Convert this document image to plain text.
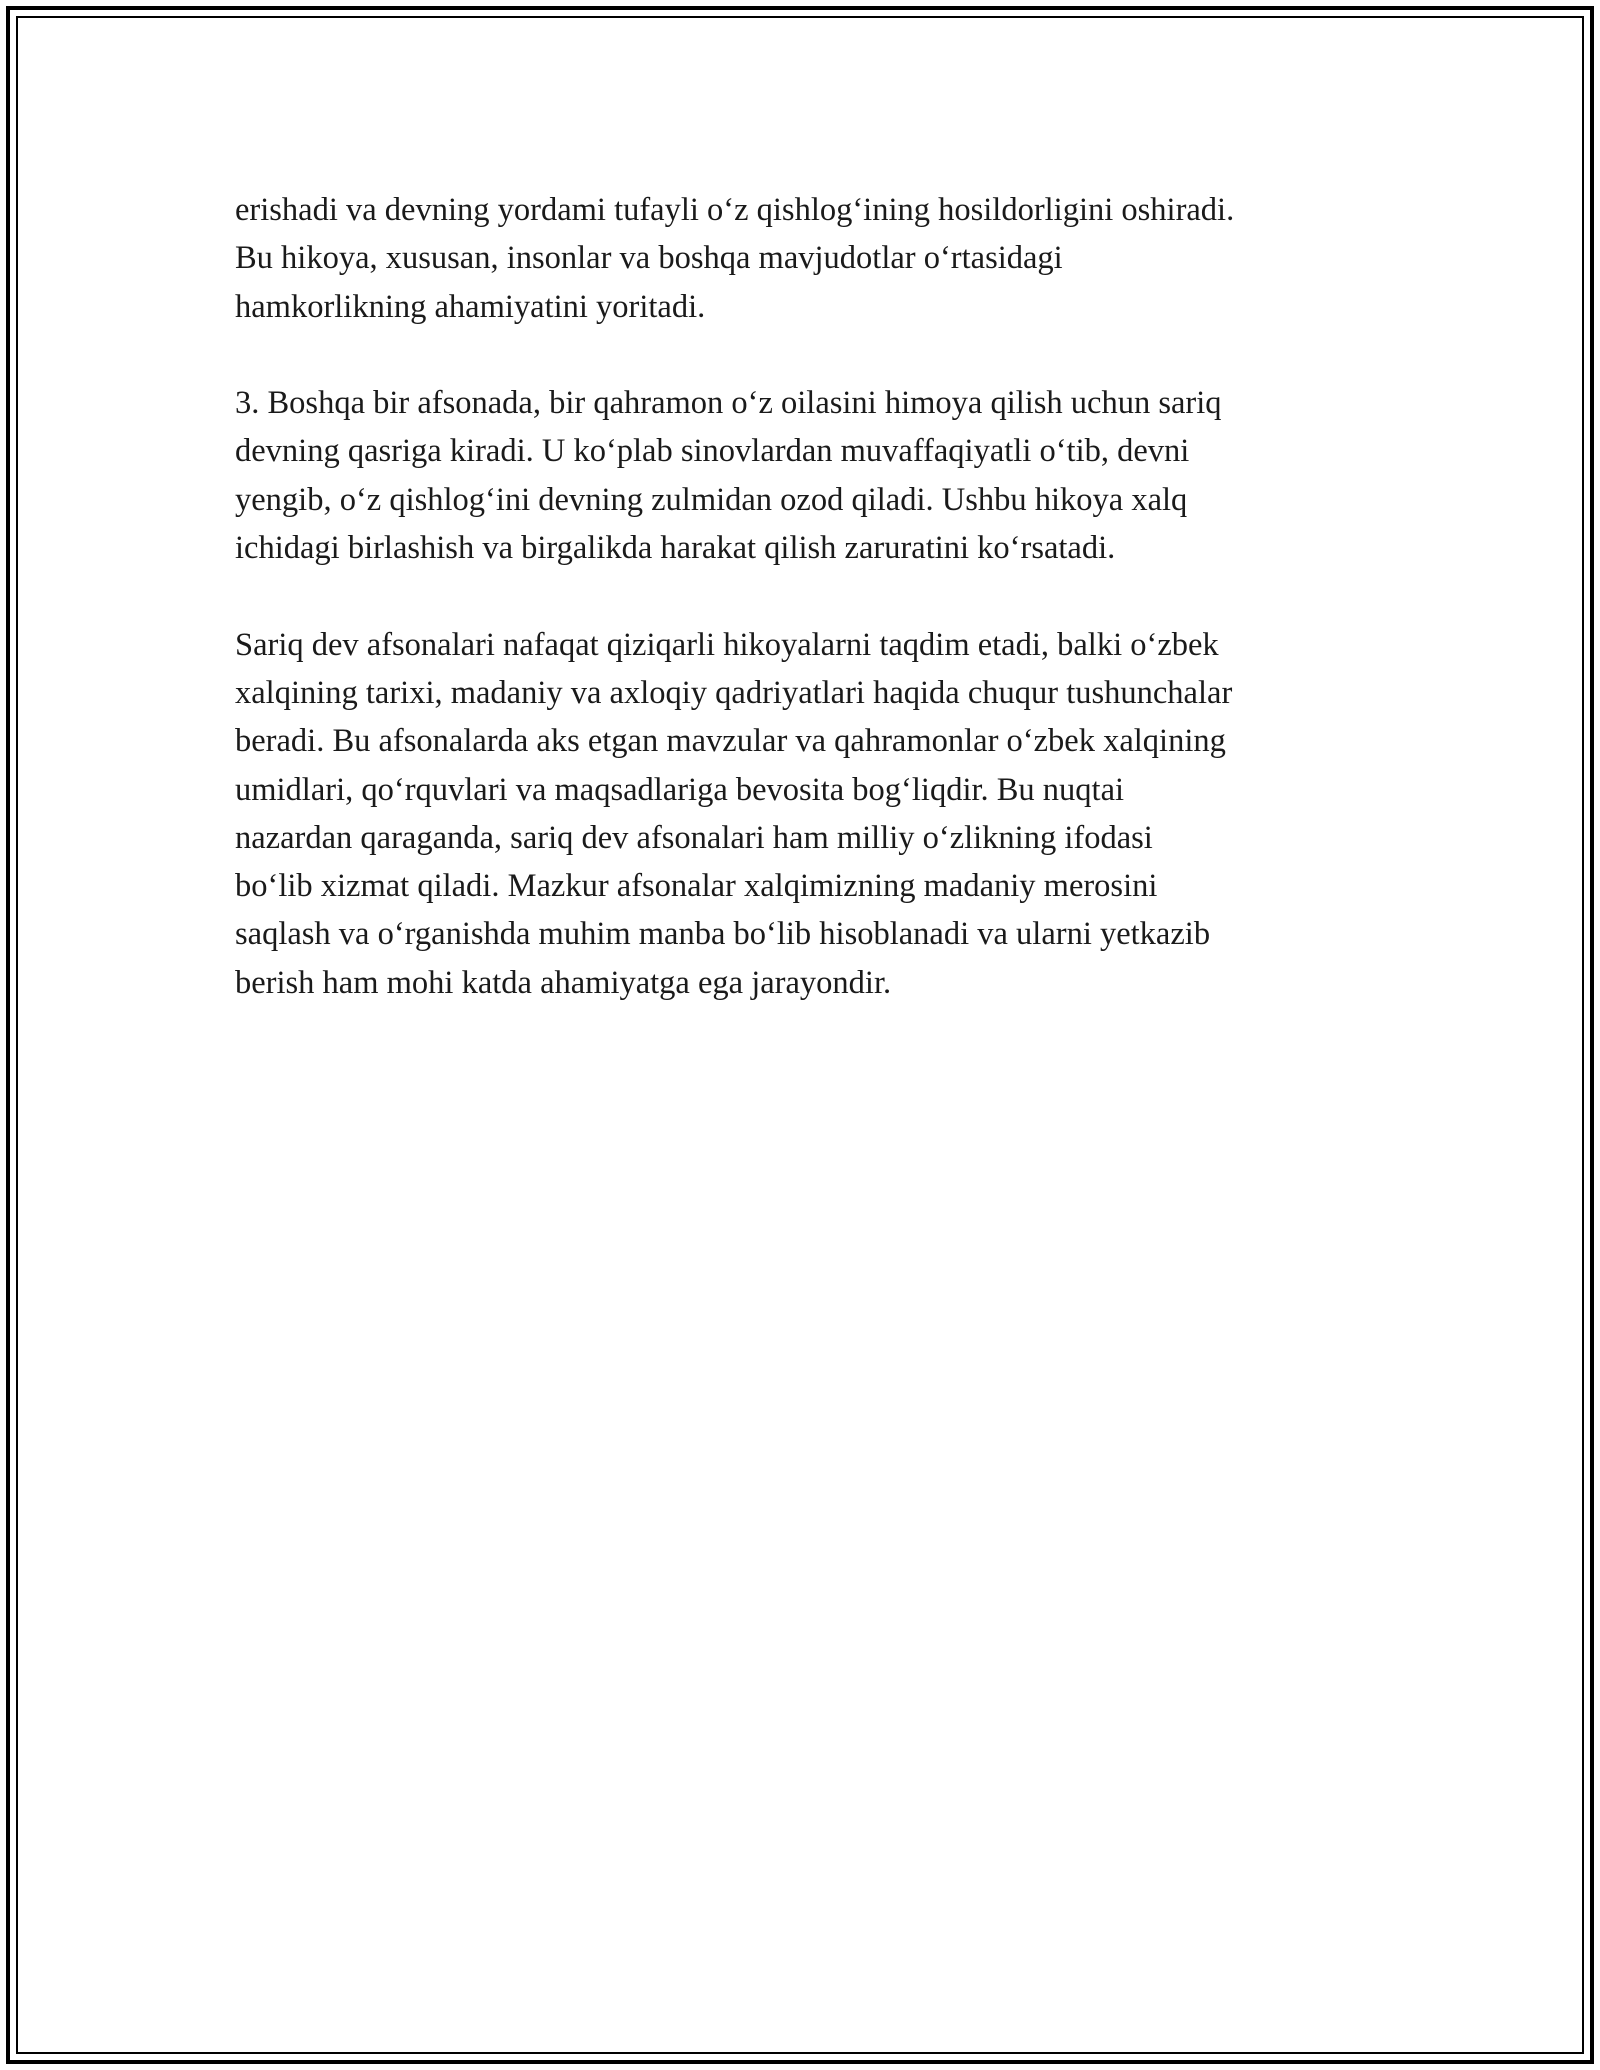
erishadi va devning yordami tufayli o‘z qishlog‘ining hosildorligini oshiradi.
Bu hikoya, xususan, insonlar va boshqa mavjudotlar o‘rtasidagi
hamkorlikning ahamiyatini yoritadi.

3. Boshqa bir afsonada, bir qahramon o‘z oilasini himoya qilish uchun sariq
devning qasriga kiradi. U ko‘plab sinovlardan muvaffaqiyatli o‘tib, devni
yengib, o‘z qishlog‘ini devning zulmidan ozod qiladi. Ushbu hikoya xalq
ichidagi birlashish va birgalikda harakat qilish zaruratini ko‘rsatadi.

Sariq dev afsonalari nafaqat qiziqarli hikoyalarni taqdim etadi, balki o‘zbek
xalqining tarixi, madaniy va axloqiy qadriyatlari haqida chuqur tushunchalar
beradi. Bu afsonalarda aks etgan mavzular va qahramonlar o‘zbek xalqining
umidlari, qo‘rquvlari va maqsadlariga bevosita bog‘liqdir. Bu nuqtai
nazardan qaraganda, sariq dev afsonalari ham milliy o‘zlikning ifodasi
bo‘lib xizmat qiladi. Mazkur afsonalar xalqimizning madaniy merosini
saqlash va o‘rganishda muhim manba bo‘lib hisoblanadi va ularni yetkazib
berish ham mohi katda ahamiyatga ega jarayondir.
